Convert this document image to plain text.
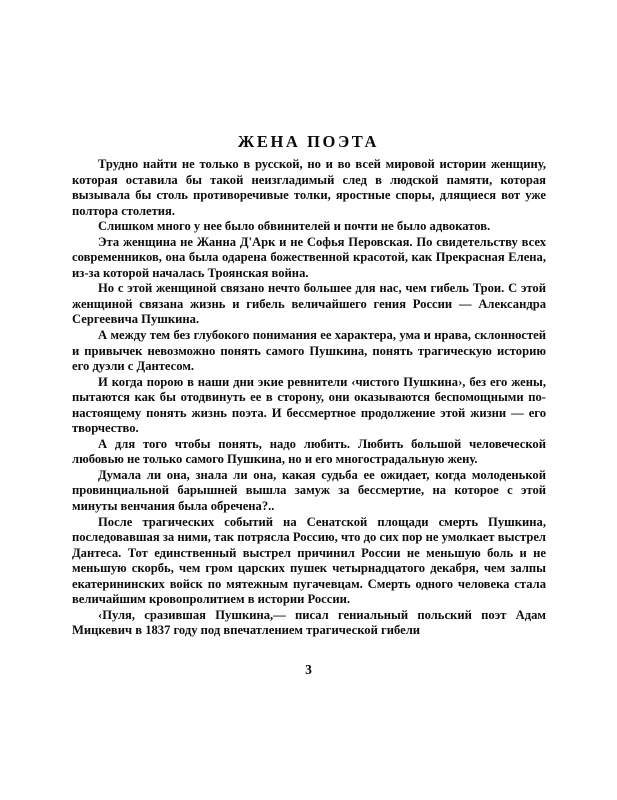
ЖЕНА ПОЭТА

Трудно найти не только в русской, но и во всей мировой истории женщину, которая оставила бы такой неизгладимый след в людской памяти, которая вызывала бы столь противоречивые толки, яростные споры, длящиеся вот уже полтора столетия.

Слишком много у нее было обвинителей и почти не было адвокатов.

Эта женщина не Жанна Д'Арк и не Софья Перовская. По свидетельству всех современников, она была одарена божественной красотой, как Прекрасная Елена, из-за которой началась Троянская война.

Но с этой женщиной связано нечто большее для нас, чем гибель Трои. С этой женщиной связана жизнь и гибель величайшего гения России — Александра Сергеевича Пушкина.

А между тем без глубокого понимания ее характера, ума и нрава, склонностей и привычек невозможно понять самого Пушкина, понять трагическую историю его дуэли с Дантесом.

И когда порою в наши дни экие ревнители ‹чистого Пушкина›, без его жены, пытаются как бы отодвинуть ее в сторону, они оказываются беспомощными по-настоящему понять жизнь поэта. И бессмертное продолжение этой жизни — его творчество.

А для того чтобы понять, надо любить. Любить большой человеческой любовью не только самого Пушкина, но и его многострадальную жену.

Думала ли она, знала ли она, какая судьба ее ожидает, когда молоденькой провинциальной барышней вышла замуж за бессмертие, на которое с этой минуты венчания была обречена?..

После трагических событий на Сенатской площади смерть Пушкина, последовавшая за ними, так потрясла Россию, что до сих пор не умолкает выстрел Дантеса. Тот единственный выстрел причинил России не меньшую боль и не меньшую скорбь, чем гром царских пушек четырнадцатого декабря, чем залпы екатерининских войск по мятежным пугачевцам. Смерть одного человека стала величайшим кровопролитием в истории России.

‹Пуля, сразившая Пушкина,— писал гениальный польский поэт Адам Мицкевич в 1837 году под впечатлением трагической гибели

3
